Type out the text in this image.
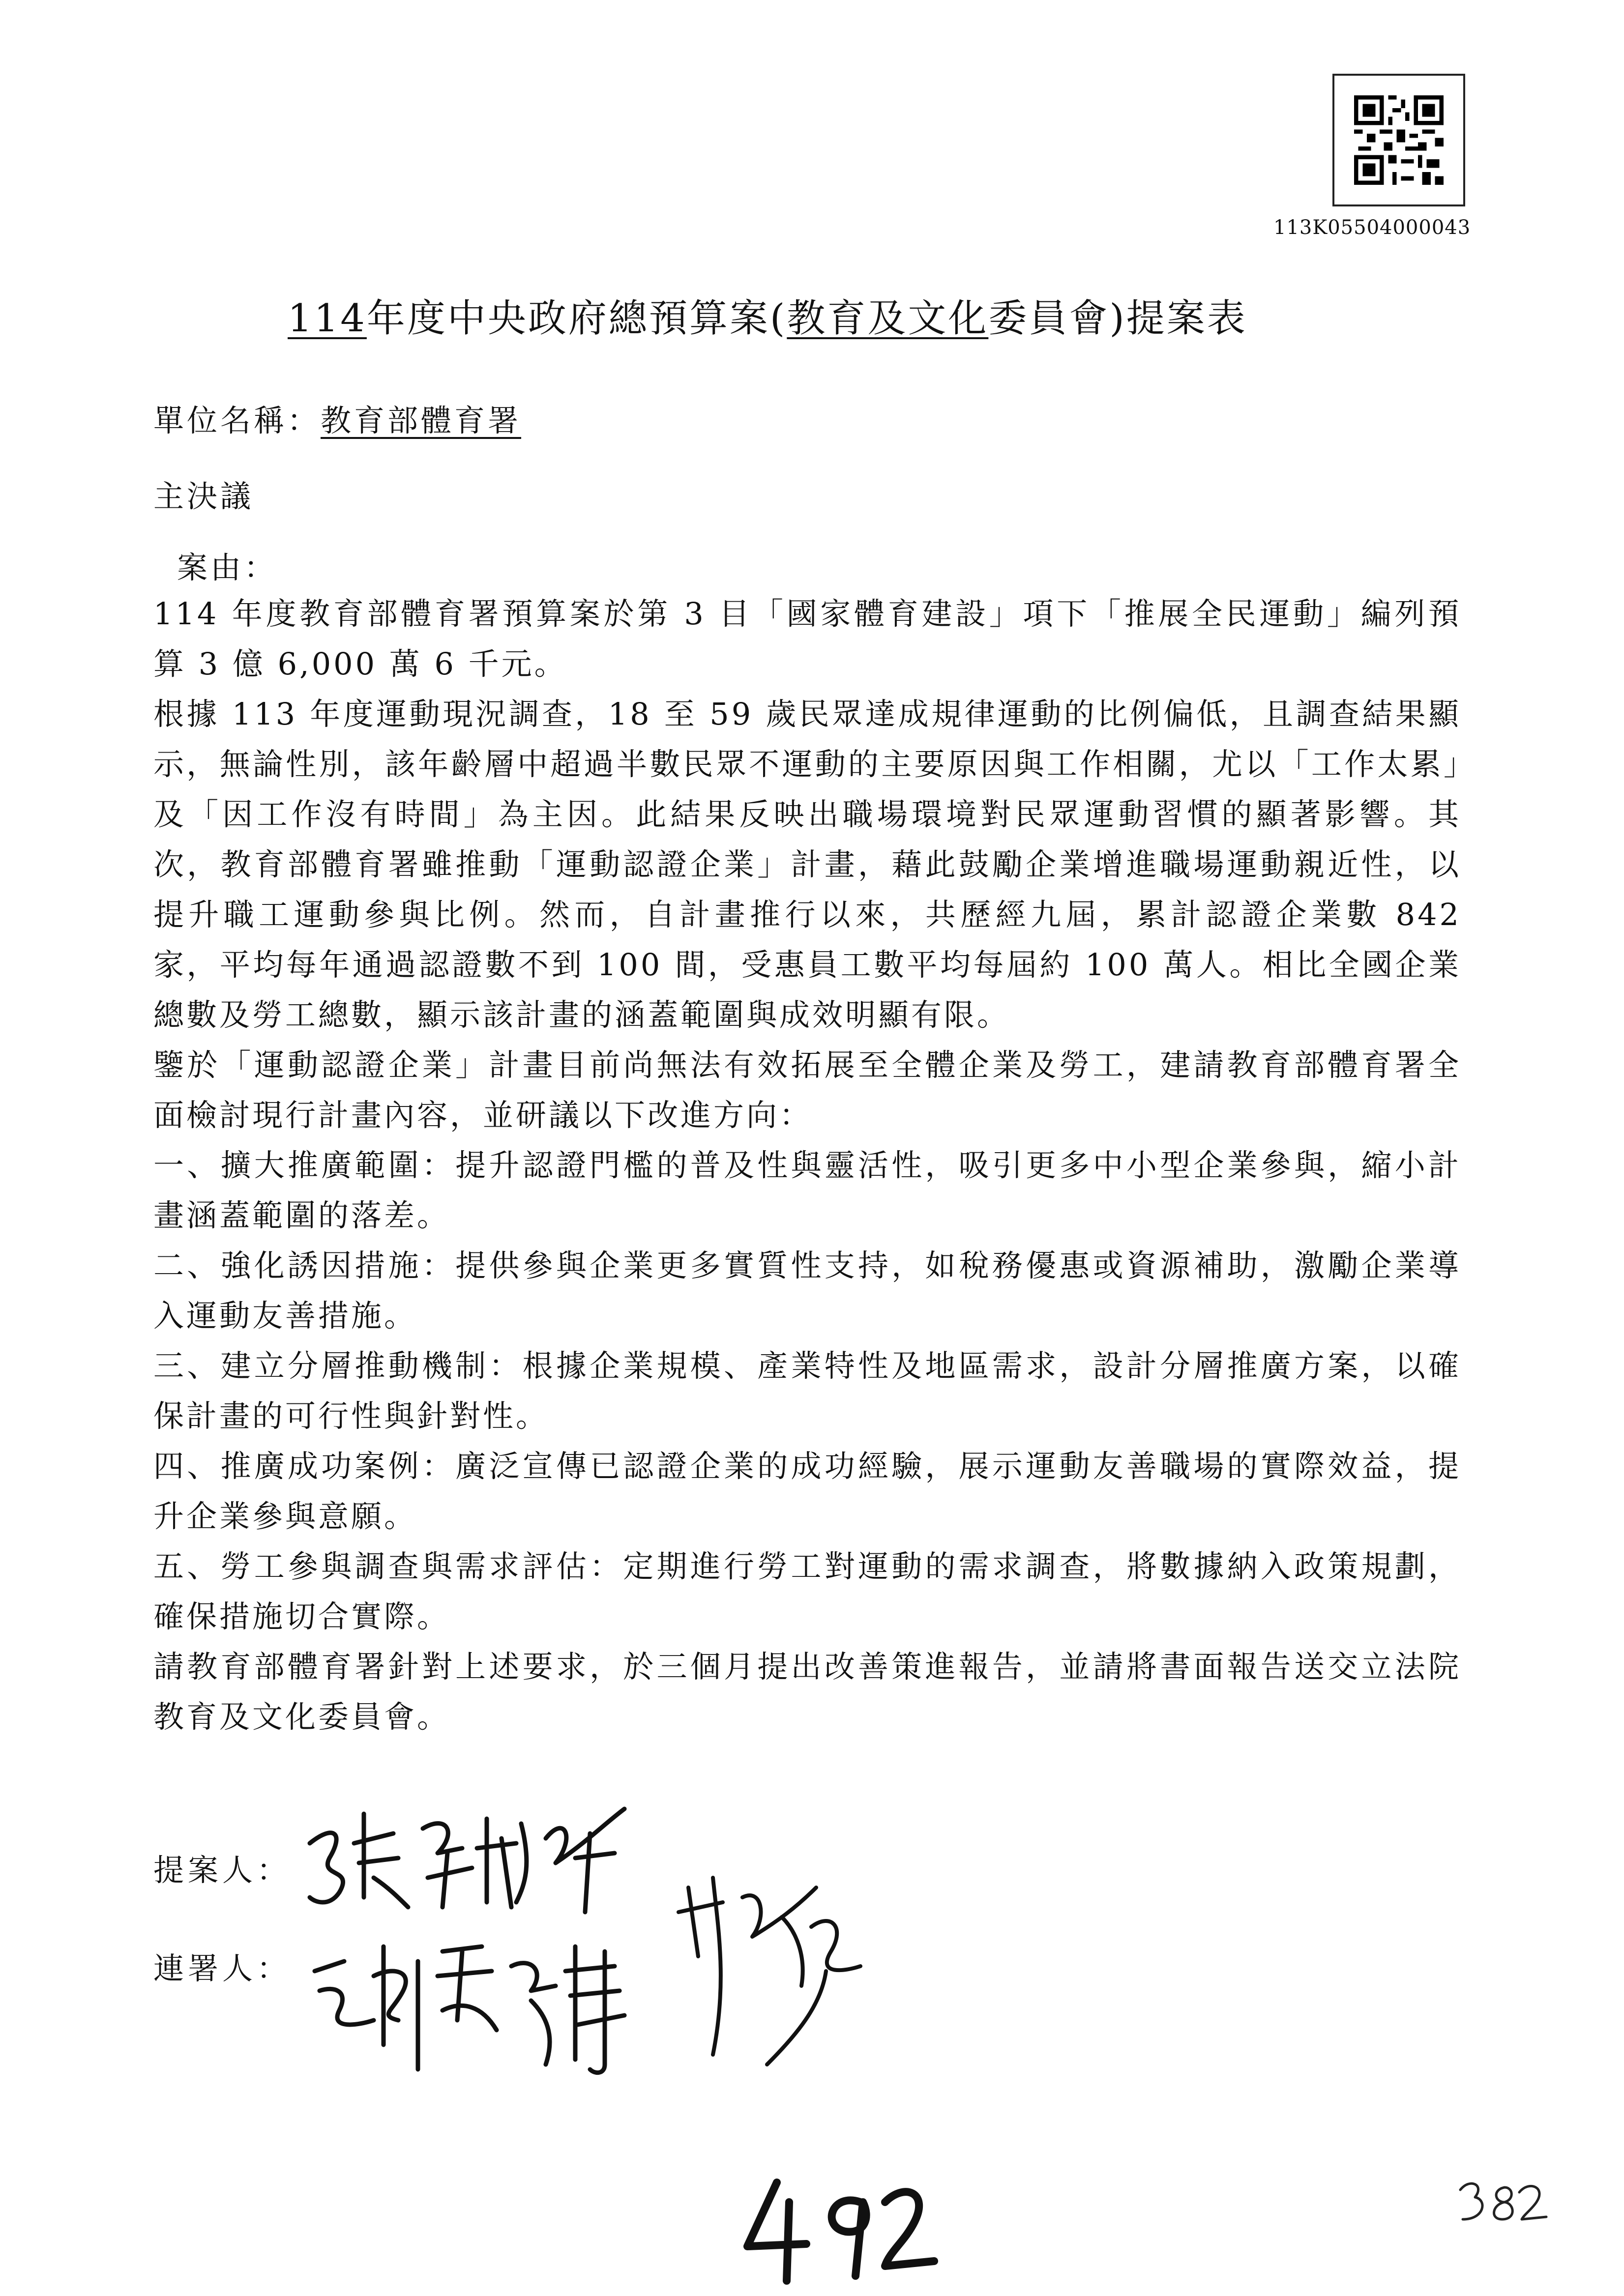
113K05504000043
114年度中央政府總預算案(教育及文化委員會)提案表
單位名稱：教育部體育署
主決議
案由：

114 年度教育部體育署預算案於第 3 目「國家體育建設」項下「推展全民運動」編列預算 3 億 6,000 萬 6 千元。

根據 113 年度運動現況調查，18 至 59 歲民眾達成規律運動的比例偏低，且調查結果顯示，無論性別，該年齡層中超過半數民眾不運動的主要原因與工作相關，尤以「工作太累」及「因工作沒有時間」為主因。此結果反映出職場環境對民眾運動習慣的顯著影響。其次，教育部體育署雖推動「運動認證企業」計畫，藉此鼓勵企業增進職場運動親近性，以提升職工運動參與比例。然而，自計畫推行以來，共歷經九屆，累計認證企業數 842 家，平均每年通過認證數不到 100 間，受惠員工數平均每屆約 100 萬人。相比全國企業總數及勞工總數，顯示該計畫的涵蓋範圍與成效明顯有限。

鑒於「運動認證企業」計畫目前尚無法有效拓展至全體企業及勞工，建請教育部體育署全面檢討現行計畫內容，並研議以下改進方向：

一、擴大推廣範圍：提升認證門檻的普及性與靈活性，吸引更多中小型企業參與，縮小計畫涵蓋範圍的落差。

二、強化誘因措施：提供參與企業更多實質性支持，如稅務優惠或資源補助，激勵企業導入運動友善措施。

三、建立分層推動機制：根據企業規模、產業特性及地區需求，設計分層推廣方案，以確保計畫的可行性與針對性。

四、推廣成功案例：廣泛宣傳已認證企業的成功經驗，展示運動友善職場的實際效益，提升企業參與意願。

五、勞工參與調查與需求評估：定期進行勞工對運動的需求調查，將數據納入政策規劃，確保措施切合實際。

請教育部體育署針對上述要求，於三個月提出改善策進報告，並請將書面報告送交立法院教育及文化委員會。

提案人：
連署人：
